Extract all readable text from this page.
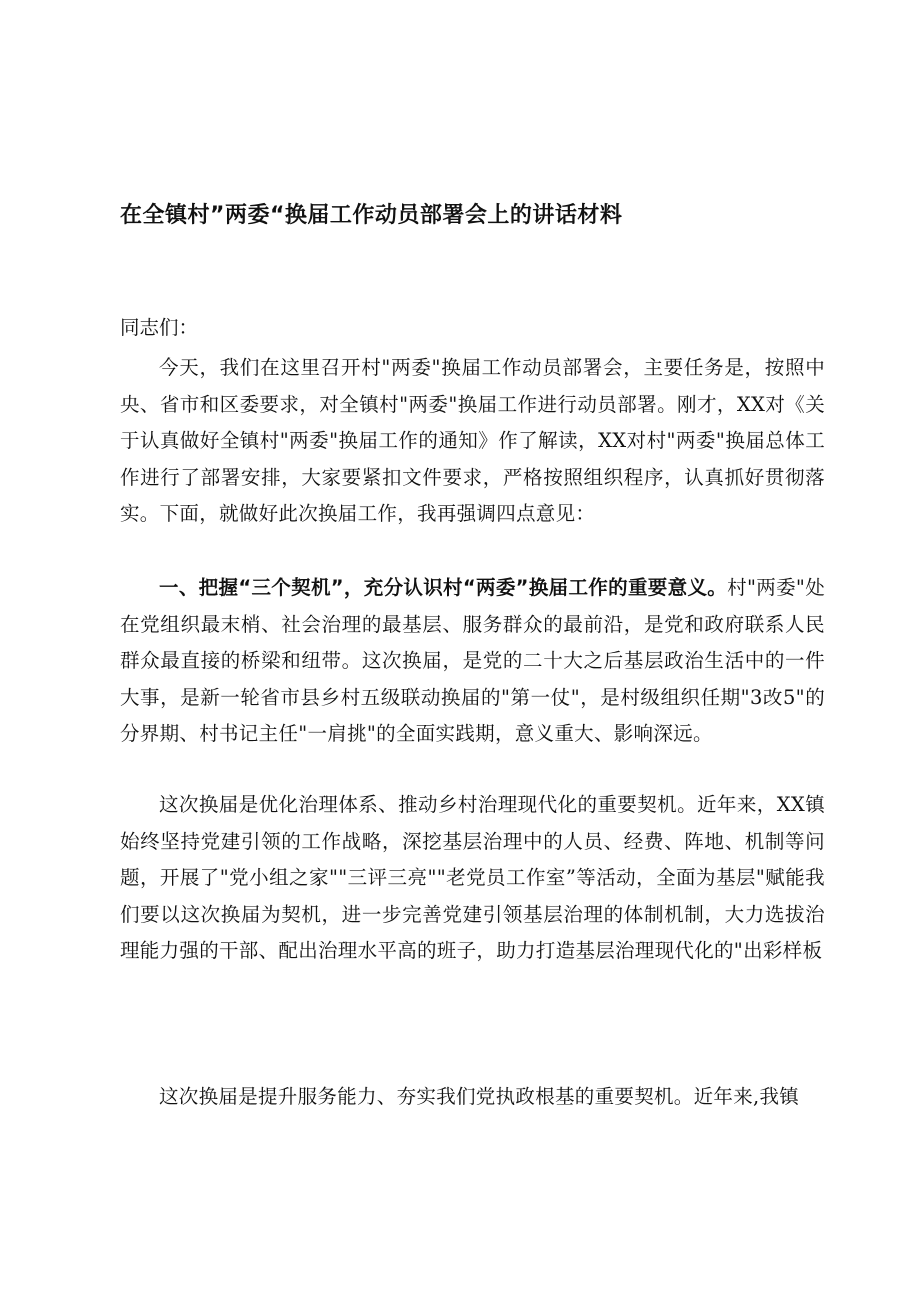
在全镇村”两委“换届工作动员部署会上的讲话材料
同志们：
今天，我们在这里召开村"两委"换届工作动员部署会，主要任务是，按照中央、省市和区委要求，对全镇村"两委"换届工作进行动员部署。刚才，XX对《关于认真做好全镇村"两委"换届工作的通知》作了解读，XX对村"两委"换届总体工作进行了部署安排，大家要紧扣文件要求，严格按照组织程序，认真抓好贯彻落实。下面，就做好此次换届工作，我再强调四点意见：
一、把握“三个契机”，充分认识村“两委”换届工作的重要意义。村"两委"处在党组织最末梢、社会治理的最基层、服务群众的最前沿，是党和政府联系人民群众最直接的桥梁和纽带。这次换届，是党的二十大之后基层政治生活中的一件大事，是新一轮省市县乡村五级联动换届的"第一仗"，是村级组织任期"3改5"的分界期、村书记主任"一肩挑"的全面实践期，意义重大、影响深远。
这次换届是优化治理体系、推动乡村治理现代化的重要契机。近年来，XX镇始终坚持党建引领的工作战略，深挖基层治理中的人员、经费、阵地、机制等问题，开展了"党小组之家""三评三亮""老党员工作室”等活动，全面为基层"赋能我们要以这次换届为契机，进一步完善党建引领基层治理的体制机制，大力选拔治理能力强的干部、配出治理水平高的班子，助力打造基层治理现代化的"出彩样板
这次换届是提升服务能力、夯实我们党执政根基的重要契机。近年来,我镇
